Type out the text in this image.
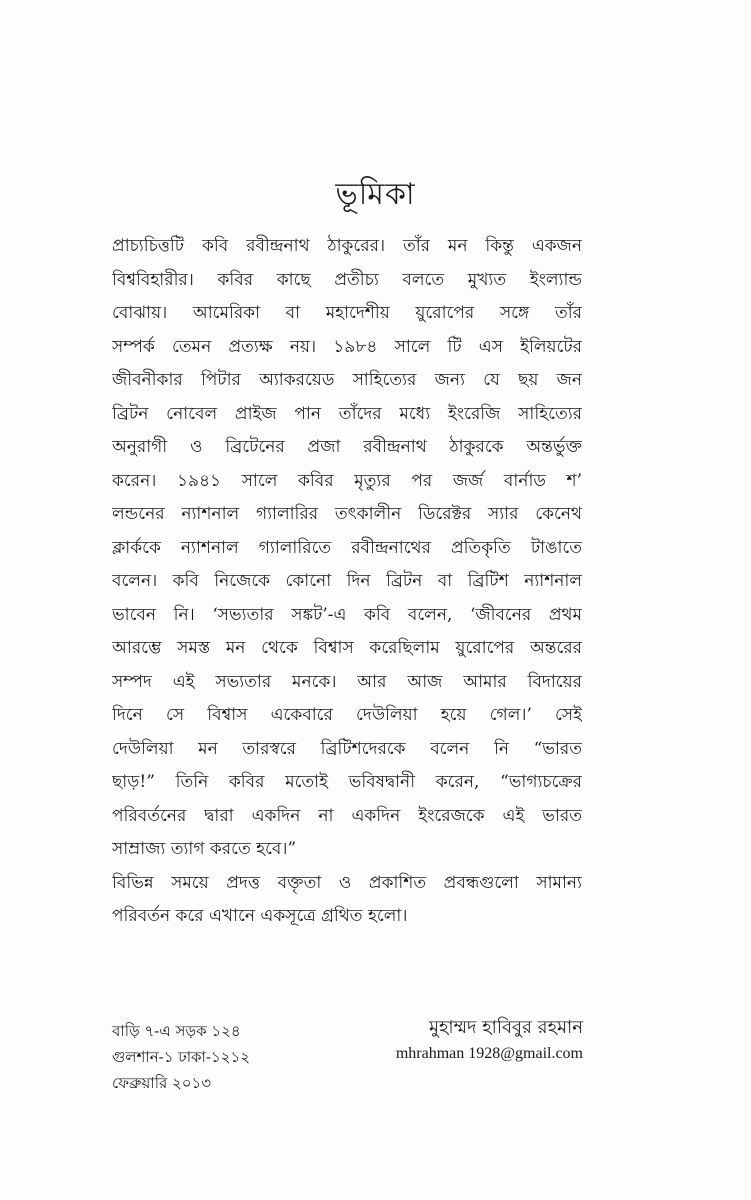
ভূমিকা
প্রাচ্যচিত্তটি কবি রবীন্দ্রনাথ ঠাকুরের। তাঁর মন কিন্তু একজন
বিশ্ববিহারীর। কবির কাছে প্রতীচ্য বলতে মুখ্যত ইংল্যান্ড
বোঝায়। আমেরিকা বা মহাদেশীয় য়ুরোপের সঙ্গে তাঁর
সম্পর্ক তেমন প্রত্যক্ষ নয়। ১৯৮৪ সালে টি এস ইলিয়টের
জীবনীকার পিটার অ্যাকরয়েড সাহিত্যের জন্য যে ছয় জন
ব্রিটন নোবেল প্রাইজ পান তাঁদের মধ্যে ইংরেজি সাহিত্যের
অনুরাগী ও ব্রিটেনের প্রজা রবীন্দ্রনাথ ঠাকুরকে অন্তর্ভুক্ত
করেন। ১৯৪১ সালে কবির মৃত্যুর পর জর্জ বার্নাড শ’
লন্ডনের ন্যাশনাল গ্যালারির তৎকালীন ডিরেক্টর স্যার কেনেথ
ক্লার্ককে ন্যাশনাল গ্যালারিতে রবীন্দ্রনাথের প্রতিকৃতি টাঙাতে
বলেন। কবি নিজেকে কোনো দিন ব্রিটন বা ব্রিটিশ ন্যাশনাল
ভাবেন নি। ‘সভ্যতার সঙ্কট’-এ কবি বলেন, ‘জীবনের প্রথম
আরম্ভে সমস্ত মন থেকে বিশ্বাস করেছিলাম য়ুরোপের অন্তরের
সম্পদ এই সভ্যতার মনকে। আর আজ আমার বিদায়ের
দিনে সে বিশ্বাস একেবারে দেউলিয়া হয়ে গেল।’ সেই
দেউলিয়া মন তারস্বরে ব্রিটিশদেরকে বলেন নি “ভারত
ছাড়!” তিনি কবির মতোই ভবিষদ্বানী করেন, “ভাগ্যচক্রের
পরিবর্তনের দ্বারা একদিন না একদিন ইংরেজকে এই ভারত
সাম্রাজ্য ত্যাগ করতে হবে।”
বিভিন্ন সময়ে প্রদত্ত বক্তৃতা ও প্রকাশিত প্রবন্ধগুলো সামান্য
পরিবর্তন করে এখানে একসূত্রে গ্রথিত হলো।
বাড়ি ৭-এ সড়ক ১২৪
গুলশান-১ ঢাকা-১২১২
ফেব্রুয়ারি ২০১৩
মুহাম্মদ হাবিবুর রহমান
mhrahman 1928@gmail.com
